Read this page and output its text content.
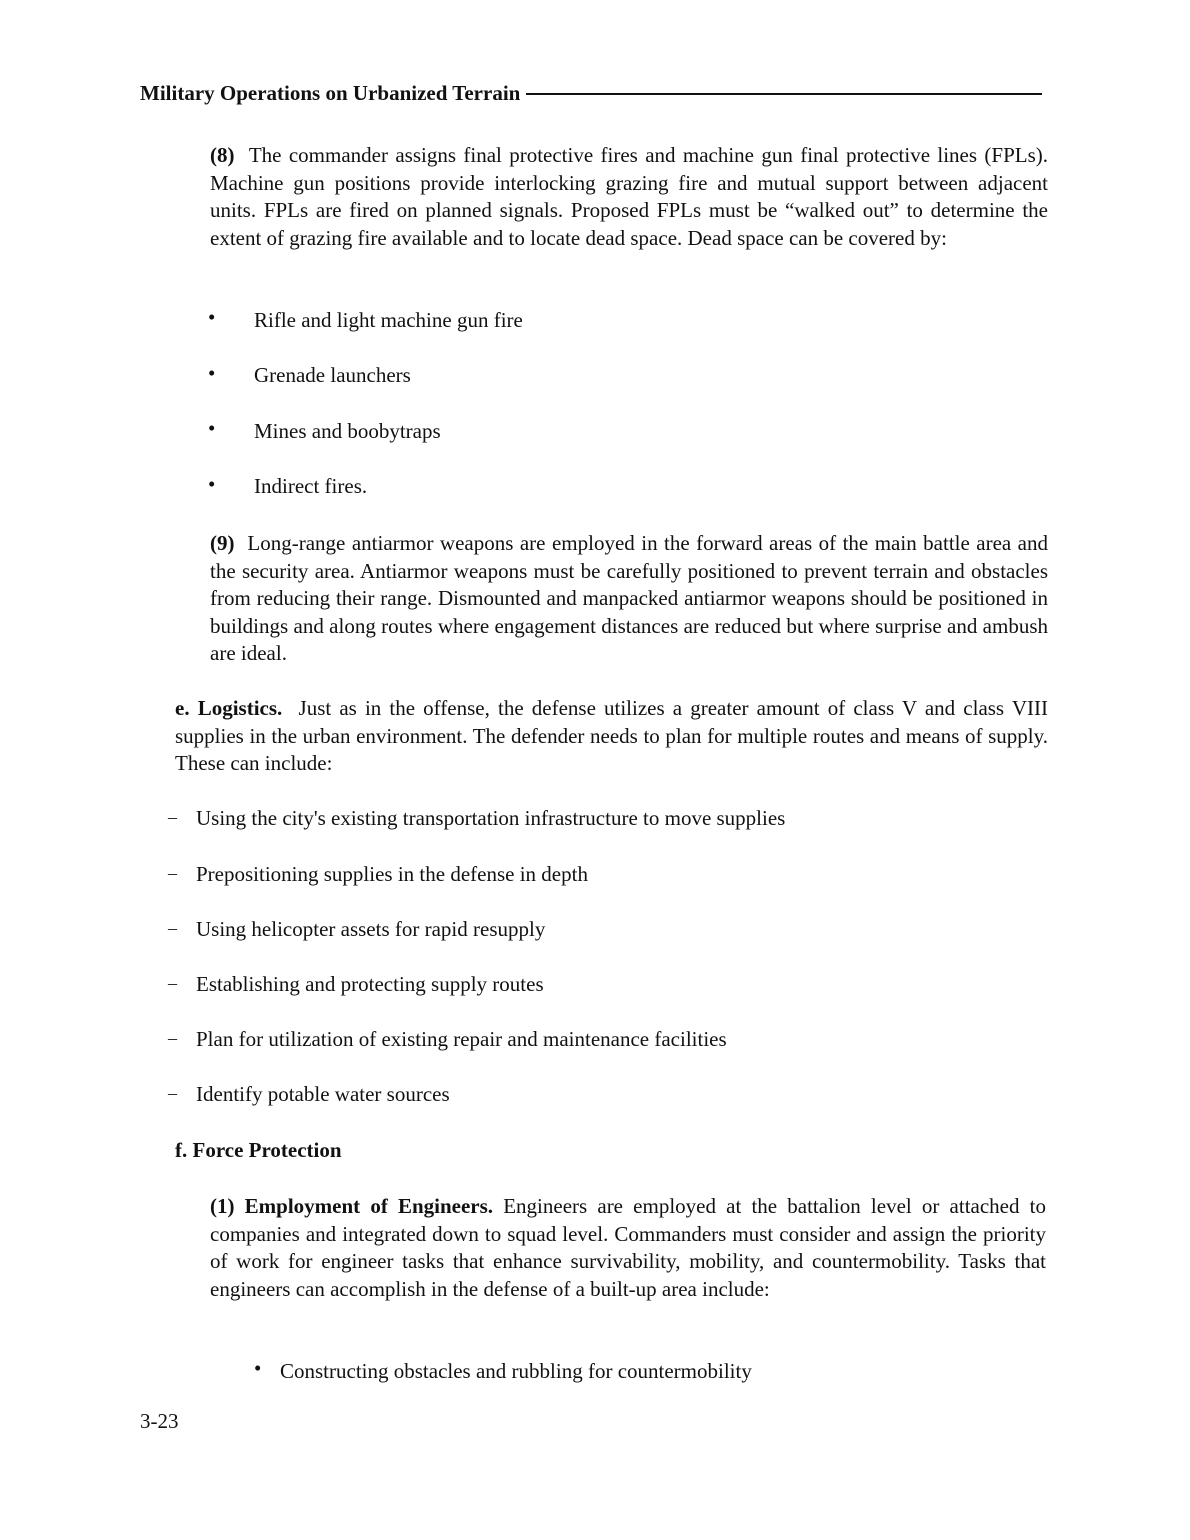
Military Operations on Urbanized Terrain

(8) The commander assigns final protective fires and machine gun final protective lines (FPLs). Machine gun positions provide interlocking grazing fire and mutual support between adjacent units. FPLs are fired on planned signals. Proposed FPLs must be “walked out” to determine the extent of grazing fire available and to locate dead space. Dead space can be covered by:

• Rifle and light machine gun fire
• Grenade launchers
• Mines and boobytraps
• Indirect fires.

(9) Long-range antiarmor weapons are employed in the forward areas of the main battle area and the security area. Antiarmor weapons must be carefully positioned to prevent terrain and obstacles from reducing their range. Dismounted and manpacked antiarmor weapons should be positioned in buildings and along routes where engagement distances are reduced but where surprise and ambush are ideal.

e. Logistics. Just as in the offense, the defense utilizes a greater amount of class V and class VIII supplies in the urban environment. The defender needs to plan for multiple routes and means of supply. These can include:

– Using the city's existing transportation infrastructure to move supplies
– Prepositioning supplies in the defense in depth
– Using helicopter assets for rapid resupply
– Establishing and protecting supply routes
– Plan for utilization of existing repair and maintenance facilities
– Identify potable water sources
f. Force Protection

(1) Employment of Engineers. Engineers are employed at the battalion level or attached to companies and integrated down to squad level. Commanders must consider and assign the priority of work for engineer tasks that enhance survivability, mobility, and countermobility. Tasks that engineers can accomplish in the defense of a built-up area include:

• Constructing obstacles and rubbling for countermobility
3-23
